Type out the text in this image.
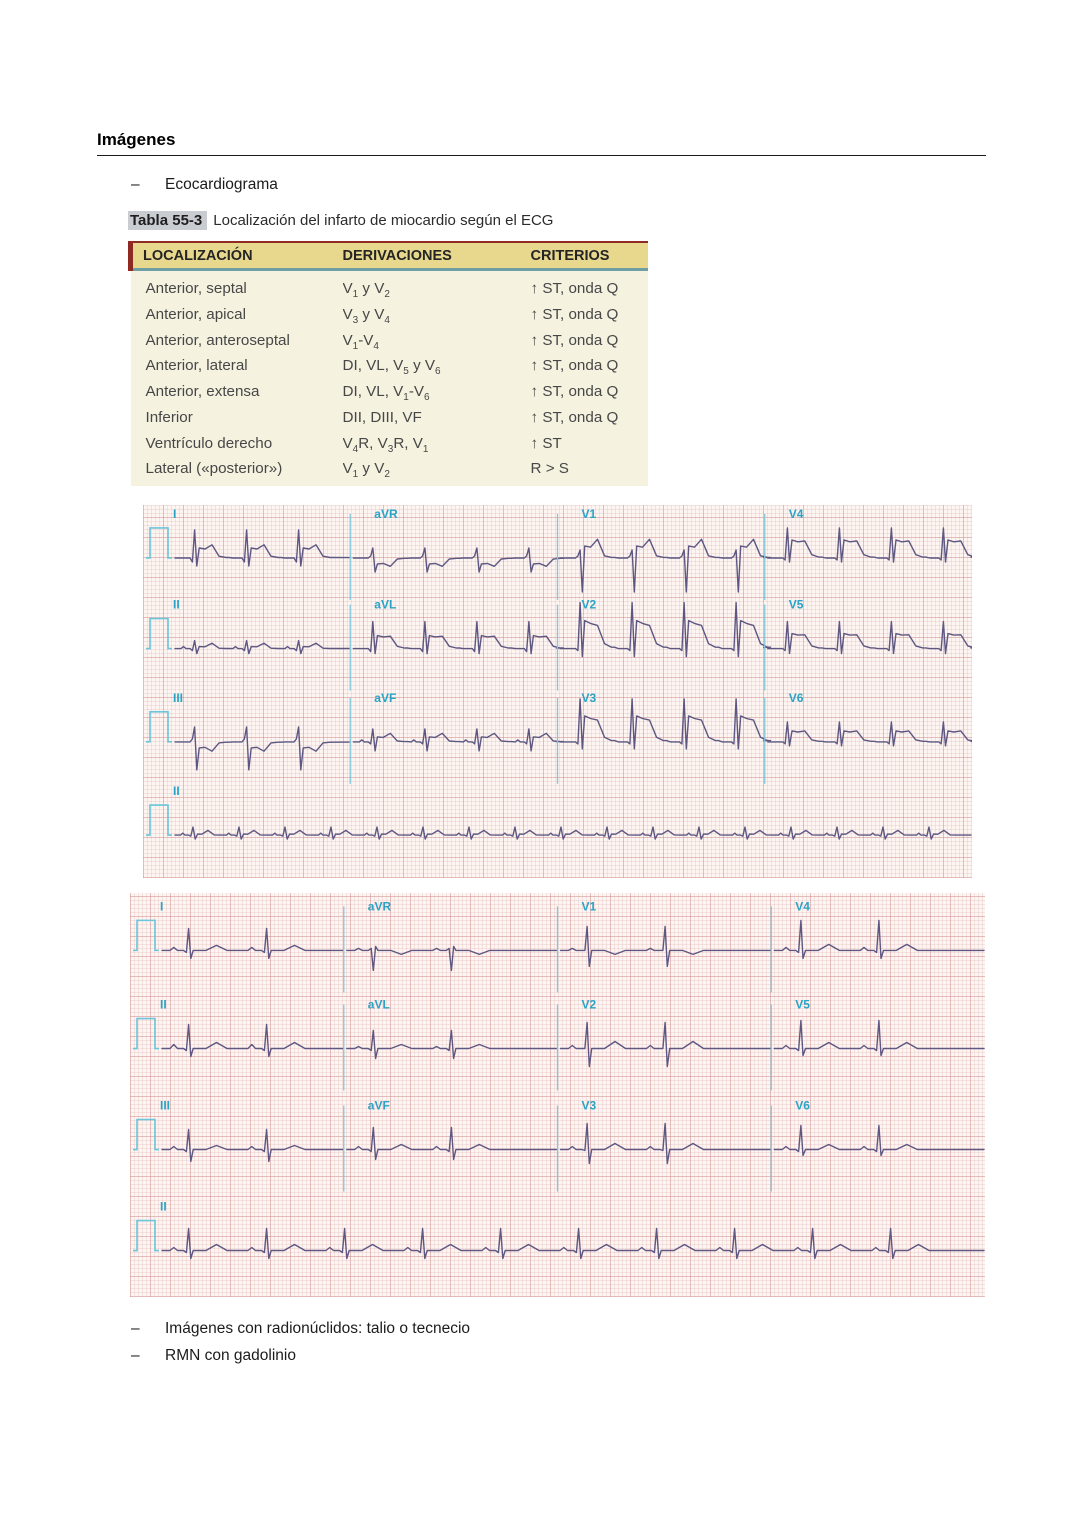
Imágenes
– Ecocardiograma
Tabla 55-3 Localización del infarto de miocardio según el ECG
LOCALIZACIÓN	DERIVACIONES	CRITERIOS
Anterior, septal	$V_1$ y $V_2$	↑ ST, onda Q
Anterior, apical	$V_3$ y $V_4$	↑ ST, onda Q
Anterior, anteroseptal	$V_1-V_4$	↑ ST, onda Q
Anterior, lateral	DI, VL, $V_5$ y $V_6$	↑ ST, onda Q
Anterior, extensa	DI, VL, $V_1-V_6$	↑ ST, onda Q
Inferior	DII, DIII, VF	↑ ST, onda Q
Ventrículo derecho	$V_4R$, $V_3R$, $V_1$	↑ ST
Lateral («posterior»)	$V_1$ y $V_2$	R > S
I	aVR	V1	V4
II	aVL	V2	V5
III	aVF	V3	V6
II
I	aVR	V1	V4
II	aVL	V2	V5
III	aVF	V3	V6
II
– Imágenes con radionúclidos: talio o tecnecio
– RMN con gadolinio
